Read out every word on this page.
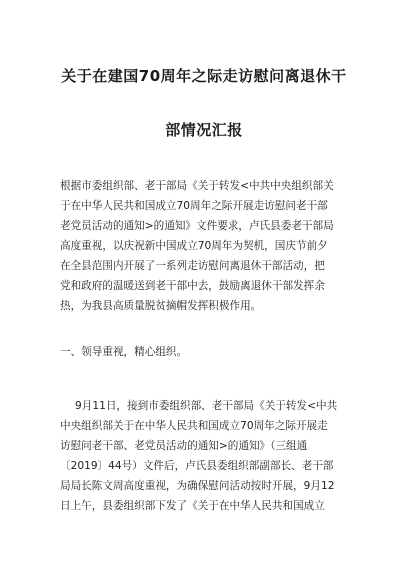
关于在建国70周年之际走访慰问离退休干
部情况汇报
根据市委组织部、老干部局《关于转发<中共中央组织部关
于在中华人民共和国成立70周年之际开展走访慰问老干部
老党员活动的通知>的通知》文件要求，卢氏县委老干部局
高度重视，以庆祝新中国成立70周年为契机，国庆节前夕
在全县范围内开展了一系列走访慰问离退休干部活动，把
党和政府的温暖送到老干部中去，鼓励离退休干部发挥余
热，为我县高质量脱贫摘帽发挥积极作用。
一、领导重视，精心组织。
9月11日，接到市委组织部、老干部局《关于转发<中共
中央组织部关于在中华人民共和国成立70周年之际开展走
访慰问老干部、老党员活动的通知>的通知》（三组通
〔2019〕44号）文件后，卢氏县委组织部副部长、老干部
局局长陈文周高度重视，为确保慰问活动按时开展，9月12
日上午，县委组织部下发了《关于在中华人民共和国成立
